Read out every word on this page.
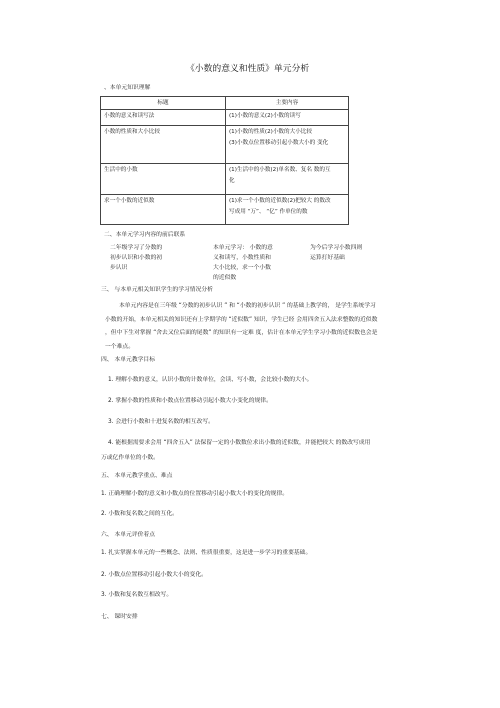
《小数的意义和性质》单元分析
、本单元知识理解
标题	主要内容

小数的意义和读写法	(1)小数的意义(2)小数的读写

小数的性质和大小比较	(1)小数的性质(2)小数的大小比较
(3)小数点位置移动引起小数大小的 变化

生活中的小数	(1)生活中的小数(2)单名数、复名 数的互
化

求一个小数的近似数	(1)求一个小数的近似数(2)把较大 的数改
写成用 “万”、 “亿” 作单位的数
二、本单元学习内容的前后联系
二年级学习了分数的
初步认识和小数的初
步认识
本单元学习： 小数的意
义和读写，小数性质和
大小比较，求一个小数
的近似数
为今后学习小数四则
运算打好基础
三、 与本单元相关知识学生的学习情况分析
本单元内容是在三年级 “分数的初步认识 ” 和 “小数的初步认识 ” 的基础上教学的， 是学生系统学习
小数的开始，本单元相关的知识还有上学期学的 “近似数” 知识，学生已经 会用四舍五入法求整数的近似数
，但中下生对掌握 “舍去又位后面的尾数” 的知识有一定难 度，估计在本单元学生学习小数的近似数也会是
一个难点。
四、 本单元教学目标
1. 理解小数的意义，认识小数的计数单位，会读、写小数，会比较小数的大小。
2. 掌握小数的性质和小数点位置移动引起小数大小变化的规律。
3. 会进行小数和十进复名数的相互改写。
4. 能根据需要求会用 “四舍五入” 法保留一定的小数数位求出小数的近似数，并能把较大 的数改写成用
万或亿作单位的小数。
五、 本单元教学重点、难点
1. 正确理解小数的意义和小数点的位置移动引起小数大小的变化的规律。
2. 小数和复名数之间的互化。
六、 本单元评价着点
1. 扎实掌握本单元的一些概念、法则、性质很重要，这是进一步学习的重要基础。
2. 小数点位置移动引起小数大小的变化。
3. 小数和复名数互相改写。
七、 课时安排
